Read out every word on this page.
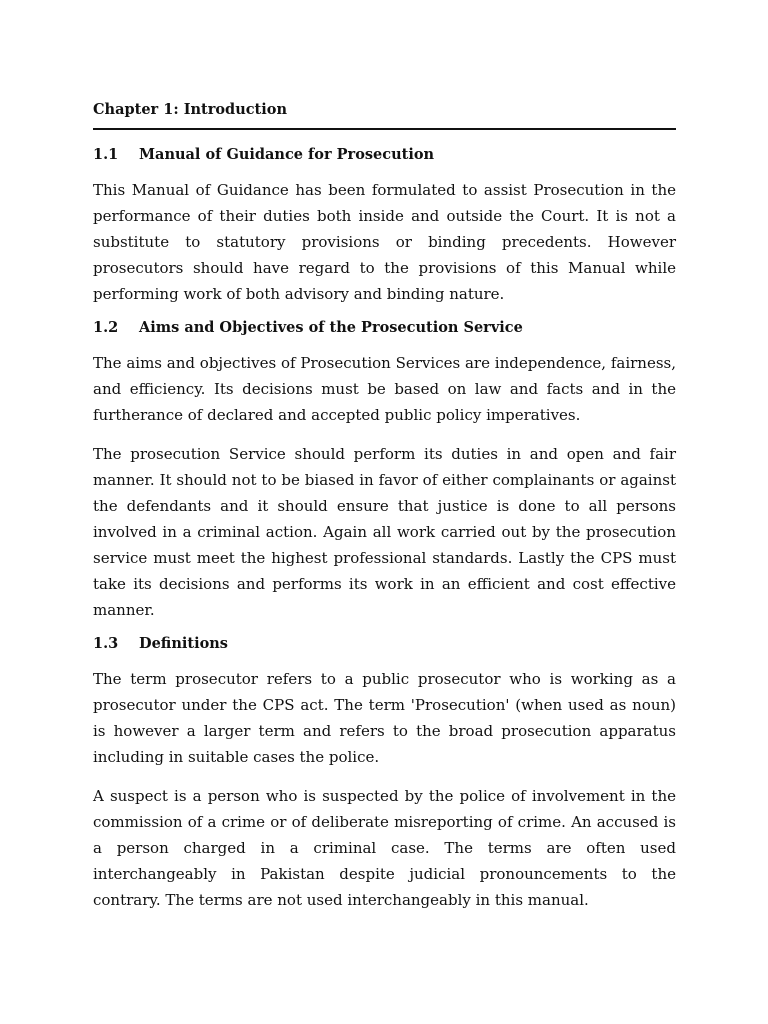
Chapter 1: Introduction
1.1	Manual of Guidance for Prosecution

This Manual of Guidance has been formulated to assist Prosecution in the performance of their duties both inside and outside the Court. It is not a substitute to statutory provisions or binding precedents. However prosecutors should have regard to the provisions of this Manual while performing work of both advisory and binding nature.

1.2	Aims and Objectives of the Prosecution Service

The aims and objectives of Prosecution Services are independence, fairness, and efficiency. Its decisions must be based on law and facts and in the furtherance of declared and accepted public policy imperatives.

The prosecution Service should perform its duties in and open and fair manner. It should not to be biased in favor of either complainants or against the defendants and it should ensure that justice is done to all persons involved in a criminal action. Again all work carried out by the prosecution service must meet the highest professional standards. Lastly the CPS must take its decisions and performs its work in an efficient and cost effective manner.

1.3	Definitions

The term prosecutor refers to a public prosecutor who is working as a prosecutor under the CPS act. The term 'Prosecution' (when used as noun) is however a larger term and refers to the broad prosecution apparatus including in suitable cases the police.

A suspect is a person who is suspected by the police of involvement in the commission of a crime or of deliberate misreporting of crime. An accused is a person charged in a criminal case. The terms are often used interchangeably in Pakistan despite judicial pronouncements to the contrary. The terms are not used interchangeably in this manual.
